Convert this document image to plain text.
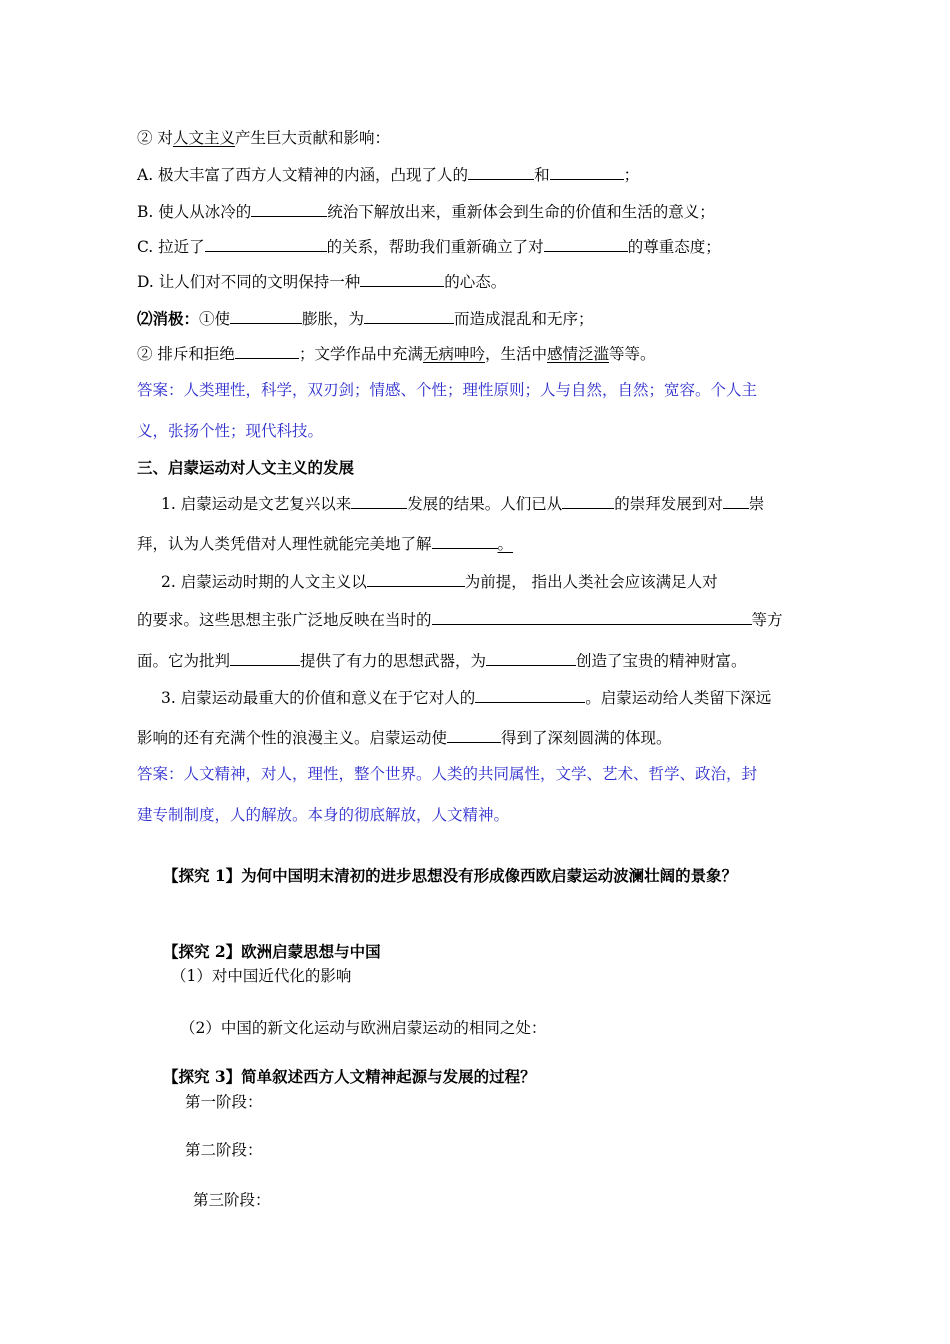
② 对人文主义产生巨大贡献和影响：
A. 极大丰富了西方人文精神的内涵，凸现了人的	和	；
B. 使人从冰冷的	统治下解放出来，重新体会到生命的价值和生活的意义；
C. 拉近了	的关系，帮助我们重新确立了对	的尊重态度；
D. 让人们对不同的文明保持一种	的心态。
⑵消极：①使	膨胀，为	而造成混乱和无序；
② 排斥和拒绝	；文学作品中充满无病呻吟，生活中感情泛滥等等。
答案：人类理性，科学，双刃剑；情感、个性；理性原则；人与自然，自然；宽容。个人主
义，张扬个性；现代科技。
三、启蒙运动对人文主义的发展
1. 启蒙运动是文艺复兴以来	发展的结果。人们已从	的崇拜发展到对 崇
拜，认为人类凭借对人理性就能完美地了解	。
2. 启蒙运动时期的人文主义以	为前提， 指出人类社会应该满足人对
的要求。这些思想主张广泛地反映在当时的	等方
面。它为批判	提供了有力的思想武器，为	创造了宝贵的精神财富。
3. 启蒙运动最重大的价值和意义在于它对人的	。启蒙运动给人类留下深远
影响的还有充满个性的浪漫主义。启蒙运动使	得到了深刻圆满的体现。
答案：人文精神，对人，理性，整个世界。人类的共同属性，文学、艺术、哲学、政治，封
建专制制度，人的解放。本身的彻底解放，人文精神。
【探究 1】为何中国明末清初的进步思想没有形成像西欧启蒙运动波澜壮阔的景象？
【探究 2】欧洲启蒙思想与中国
（1）对中国近代化的影响
（2）中国的新文化运动与欧洲启蒙运动的相同之处：
【探究 3】简单叙述西方人文精神起源与发展的过程？
第一阶段：
第二阶段：
第三阶段：
